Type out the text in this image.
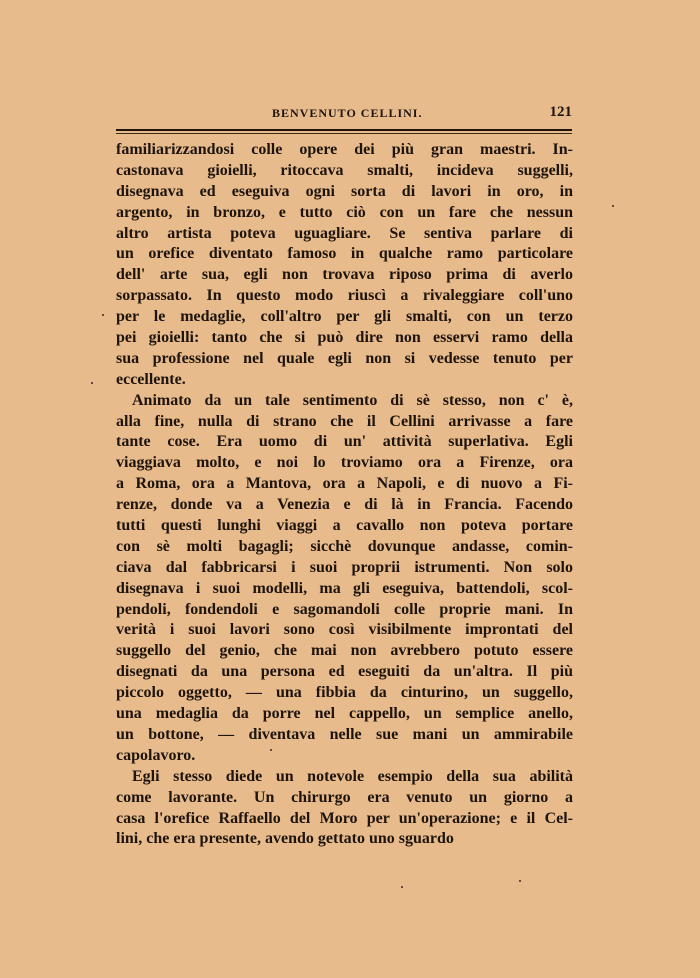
BENVENUTO CELLINI.	121
familiarizzandosi colle opere dei più gran maestri. In-
castonava gioielli, ritoccava smalti, incideva suggelli,
disegnava ed eseguiva ogni sorta di lavori in oro, in
argento, in bronzo, e tutto ciò con un fare che nessun
altro artista poteva uguagliare. Se sentiva parlare di
un orefice diventato famoso in qualche ramo particolare
dell' arte sua, egli non trovava riposo prima di averlo
sorpassato. In questo modo riuscì a rivaleggiare coll'uno
per le medaglie, coll'altro per gli smalti, con un terzo
pei gioielli: tanto che si può dire non esservi ramo della
sua professione nel quale egli non si vedesse tenuto per
eccellente.
Animato da un tale sentimento di sè stesso, non c' è,
alla fine, nulla di strano che il Cellini arrivasse a fare
tante cose. Era uomo di un' attività superlativa. Egli
viaggiava molto, e noi lo troviamo ora a Firenze, ora
a Roma, ora a Mantova, ora a Napoli, e di nuovo a Fi-
renze, donde va a Venezia e di là in Francia. Facendo
tutti questi lunghi viaggi a cavallo non poteva portare
con sè molti bagagli; sicchè dovunque andasse, comin-
ciava dal fabbricarsi i suoi proprii istrumenti. Non solo
disegnava i suoi modelli, ma gli eseguiva, battendoli, scol-
pendoli, fondendoli e sagomandoli colle proprie mani. In
verità i suoi lavori sono così visibilmente improntati del
suggello del genio, che mai non avrebbero potuto essere
disegnati da una persona ed eseguiti da un'altra. Il più
piccolo oggetto, — una fibbia da cinturino, un suggello,
una medaglia da porre nel cappello, un semplice anello,
un bottone, — diventava nelle sue mani un ammirabile
capolavoro.
Egli stesso diede un notevole esempio della sua abilità
come lavorante. Un chirurgo era venuto un giorno a
casa l'orefice Raffaello del Moro per un'operazione; e il Cel-
lini, che era presente, avendo gettato uno sguardo
